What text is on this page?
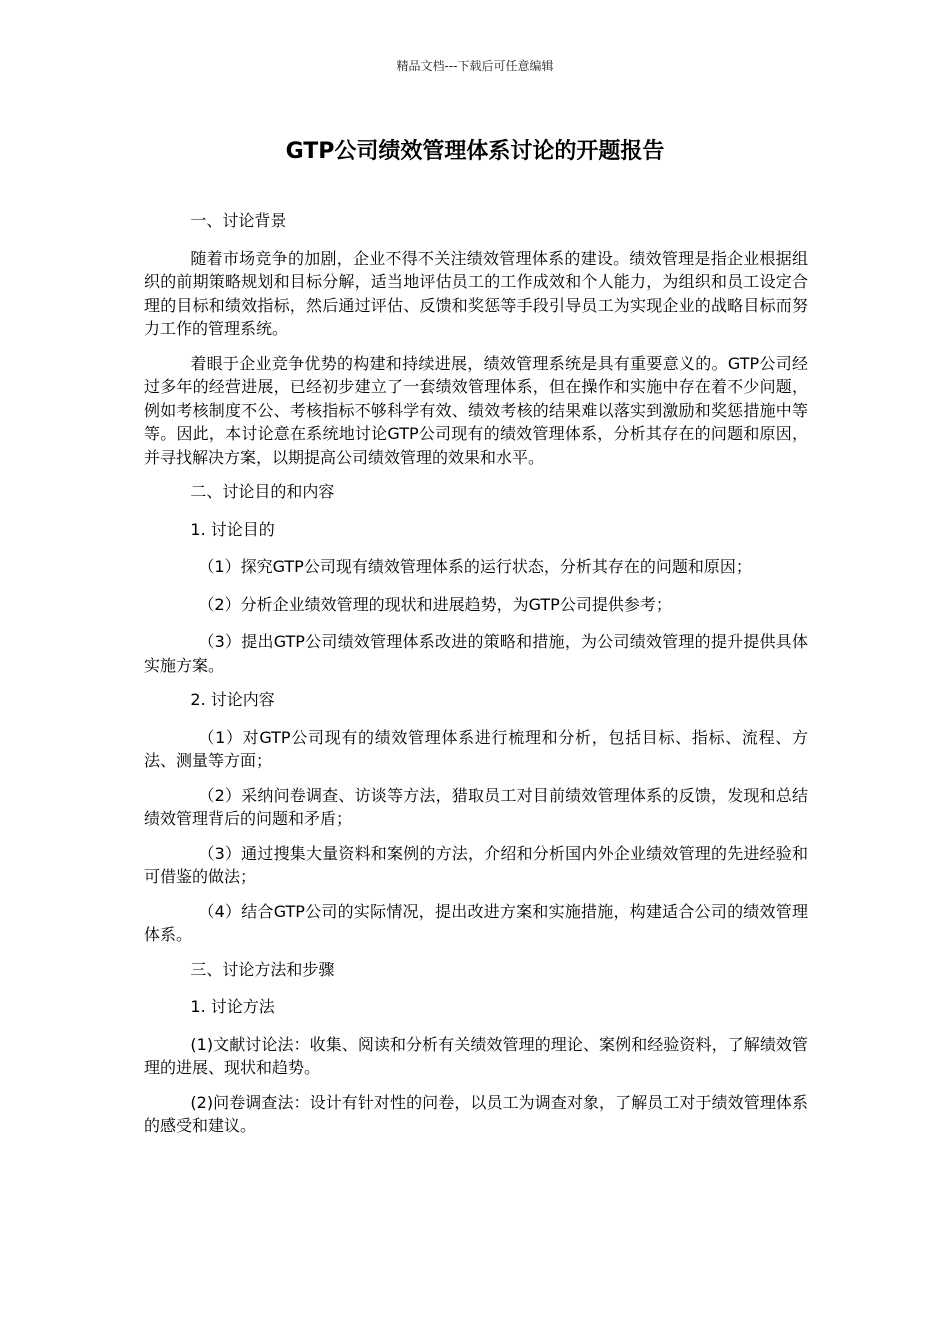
精品文档---下载后可任意编辑
GTP公司绩效管理体系讨论的开题报告

一、讨论背景

随着市场竞争的加剧，企业不得不关注绩效管理体系的建设。绩效管理是指企业根据组织的前期策略规划和目标分解，适当地评估员工的工作成效和个人能力，为组织和员工设定合理的目标和绩效指标，然后通过评估、反馈和奖惩等手段引导员工为实现企业的战略目标而努力工作的管理系统。

着眼于企业竞争优势的构建和持续进展，绩效管理系统是具有重要意义的。GTP公司经过多年的经营进展，已经初步建立了一套绩效管理体系，但在操作和实施中存在着不少问题，例如考核制度不公、考核指标不够科学有效、绩效考核的结果难以落实到激励和奖惩措施中等等。因此，本讨论意在系统地讨论GTP公司现有的绩效管理体系，分析其存在的问题和原因，并寻找解决方案，以期提高公司绩效管理的效果和水平。

二、讨论目的和内容

1. 讨论目的

（1）探究GTP公司现有绩效管理体系的运行状态，分析其存在的问题和原因；

（2）分析企业绩效管理的现状和进展趋势，为GTP公司提供参考；

（3）提出GTP公司绩效管理体系改进的策略和措施，为公司绩效管理的提升提供具体实施方案。

2. 讨论内容

（1）对GTP公司现有的绩效管理体系进行梳理和分析，包括目标、指标、流程、方法、测量等方面；

（2）采纳问卷调查、访谈等方法，猎取员工对目前绩效管理体系的反馈，发现和总结绩效管理背后的问题和矛盾；

（3）通过搜集大量资料和案例的方法，介绍和分析国内外企业绩效管理的先进经验和可借鉴的做法；

（4）结合GTP公司的实际情况，提出改进方案和实施措施，构建适合公司的绩效管理体系。

三、讨论方法和步骤

1. 讨论方法

(1)文献讨论法：收集、阅读和分析有关绩效管理的理论、案例和经验资料，了解绩效管理的进展、现状和趋势。

(2)问卷调查法：设计有针对性的问卷，以员工为调查对象，了解员工对于绩效管理体系的感受和建议。
